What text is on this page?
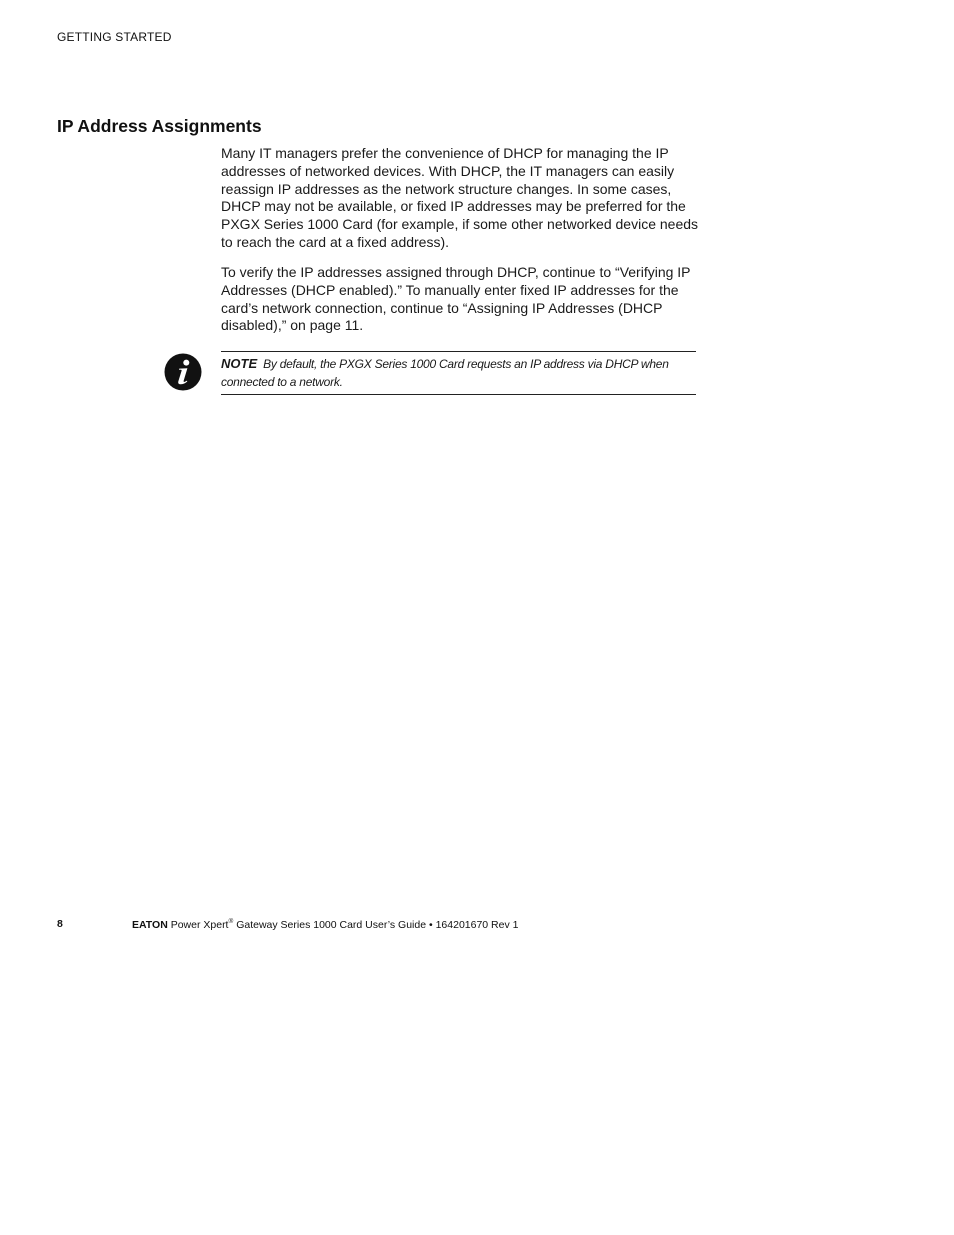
GETTING STARTED
IP Address Assignments

Many IT managers prefer the convenience of DHCP for managing the IP addresses of networked devices. With DHCP, the IT managers can easily reassign IP addresses as the network structure changes. In some cases, DHCP may not be available, or fixed IP addresses may be preferred for the PXGX Series 1000 Card (for example, if some other networked device needs to reach the card at a fixed address).

To verify the IP addresses assigned through DHCP, continue to “Verifying IP Addresses (DHCP enabled).” To manually enter fixed IP addresses for the card’s network connection, continue to “Assigning IP Addresses (DHCP disabled),” on page 11.

NOTE By default, the PXGX Series 1000 Card requests an IP address via DHCP when connected to a network.
8	EATON Power Xpert® Gateway Series 1000 Card User’s Guide • 164201670 Rev 1
